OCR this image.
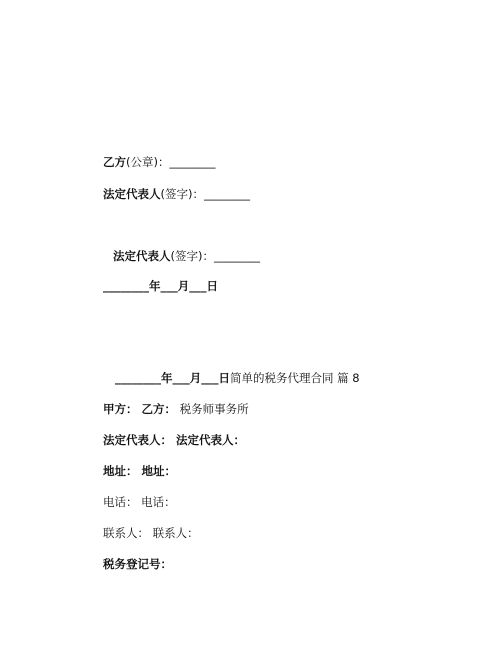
乙方(公章)：________
法定代表人(签字)：________
法定代表人(签字)：________
________年___月___日
________年___月___日简单的税务代理合同 篇 8
甲方： 乙方： 税务师事务所
法定代表人： 法定代表人：
地址： 地址：
电话： 电话：
联系人： 联系人：
税务登记号：
